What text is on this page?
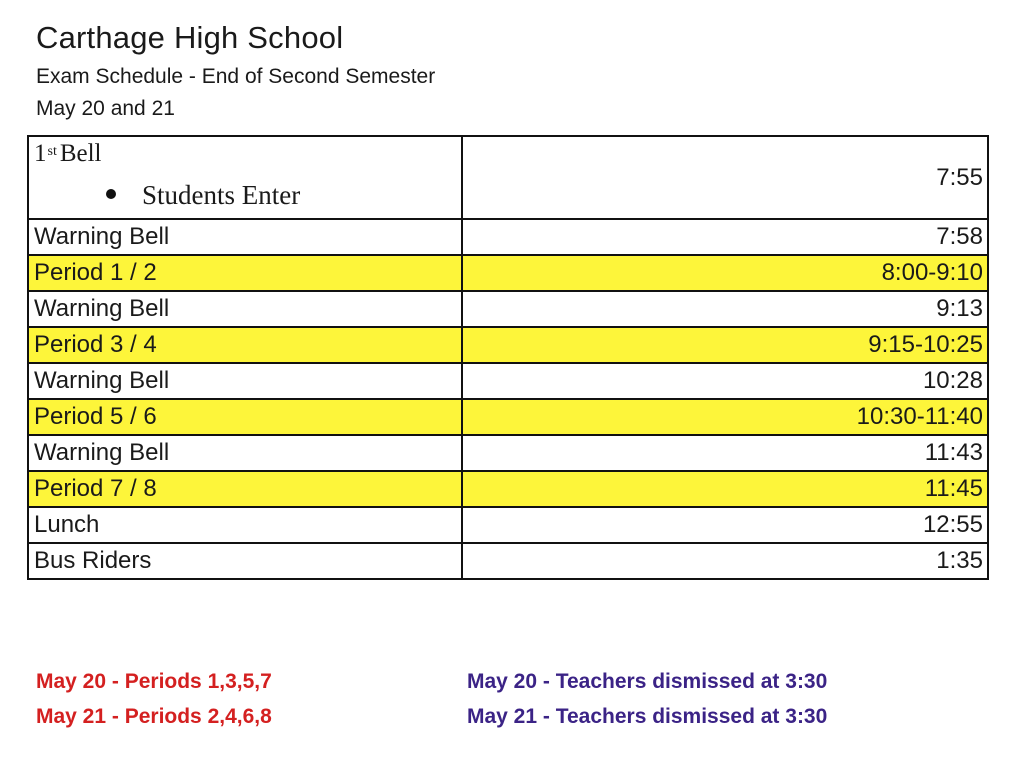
Carthage High School
Exam Schedule - End of Second Semester
May 20 and 21
1st Bell
Students Enter	7:55
Warning Bell	7:58
Period 1 / 2	8:00-9:10
Warning Bell	9:13
Period 3 / 4	9:15-10:25
Warning Bell	10:28
Period 5 / 6	10:30-11:40
Warning Bell	11:43
Period 7 / 8	11:45
Lunch	12:55
Bus Riders	1:35
May 20 - Periods 1,3,5,7
May 21 - Periods 2,4,6,8
May 20 - Teachers dismissed at 3:30
May 21 - Teachers dismissed at 3:30
